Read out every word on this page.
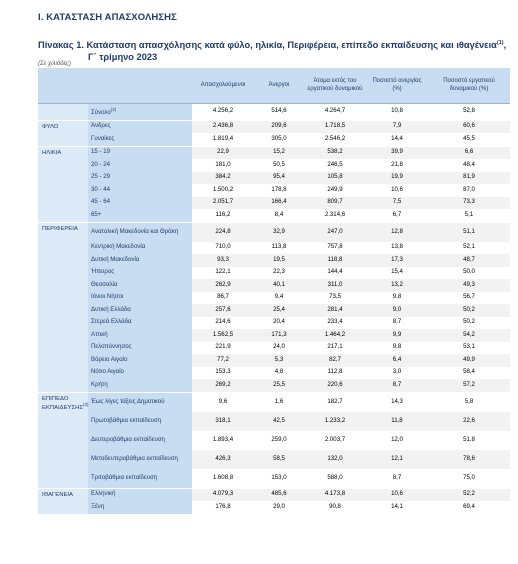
I. ΚΑΤΑΣΤΑΣΗ ΑΠΑΣΧΟΛΗΣΗΣ
Πίνακας 1. Κατάσταση απασχόλησης κατά φύλο, ηλικία, Περιφέρεια, επίπεδο εκπαίδευσης και ιθαγένεια$^{(1)}$,
Γ΄ τρίμηνο 2023
(Σε χιλιάδες)
		Απασχολούμενοι	Άνεργοι	Άτομα εκτός του εργατικού δυναμικού	Ποσοστό ανεργίας (%)	Ποσοστό εργατικού δυναμικού (%)
	Σύνολο$^{(2)}$	4.256,2	514,6	4.264,7	10,8	52,8
ΦΥΛΟ	Άνδρες	2.436,8	209,6	1.718,5	7,9	60,6
	Γυναίκες	1.819,4	305,0	2.546,2	14,4	45,5
ΗΛΙΚΙΑ	15 - 19	22,9	15,2	538,2	39,9	6,6
	20 - 24	181,0	50,5	246,5	21,8	48,4
	25 - 29	384,2	95,4	105,8	19,9	81,9
	30 - 44	1.500,2	178,8	249,9	10,6	87,0
	45 - 64	2.051,7	166,4	809,7	7,5	73,3
	65+	116,2	8,4	2.314,6	6,7	5,1
ΠΕΡΙΦΕΡΕΙΑ	Ανατολική Μακεδονία και Θράκη	224,8	32,9	247,0	12,8	51,1
	Κεντρική Μακεδονία	710,0	113,8	757,8	13,8	52,1
	Δυτική Μακεδονία	93,3	19,5	118,8	17,3	48,7
	Ήπειρος	122,1	22,3	144,4	15,4	50,0
	Θεσσαλία	262,9	40,1	311,0	13,2	49,3
	Ιόνιοι Νήσοι	86,7	9,4	73,5	9,8	56,7
	Δυτική Ελλάδα	257,6	25,4	281,4	9,0	50,2
	Στερεά Ελλάδα	214,6	20,4	233,4	8,7	50,2
	Αττική	1.562,5	171,3	1.464,2	9,9	54,2
	Πελοπόννησος	221,9	24,0	217,1	9,8	53,1
	Βόρειο Αιγαίο	77,2	5,3	82,7	6,4	49,9
	Νότιο Αιγαίο	153,3	4,8	112,8	3,0	58,4
	Κρήτη	269,2	25,5	220,6	8,7	57,2
ΕΠΙΠΕΔΟ ΕΚΠΑΙΔΕΥΣΗΣ$^{(3)}$	Έως λίγες τάξεις Δημοτικού	9,6	1,6	182,7	14,3	5,8
	Πρωτοβάθμια εκπαίδευση	318,1	42,5	1.233,2	11,8	22,6
	Δευτεροβάθμια εκπαίδευση	1.893,4	259,0	2.003,7	12,0	51,8
	Μεταδευτεροβάθμια εκπαίδευση	426,3	58,5	132,0	12,1	78,6
	Τριτοβάθμια εκπαίδευση	1.608,8	153,0	588,0	8,7	75,0
ΙΘΑΓΕΝΕΙΑ	Ελληνική	4.079,3	485,6	4.173,8	10,6	52,2
	Ξένη	176,8	29,0	90,8	14,1	69,4
